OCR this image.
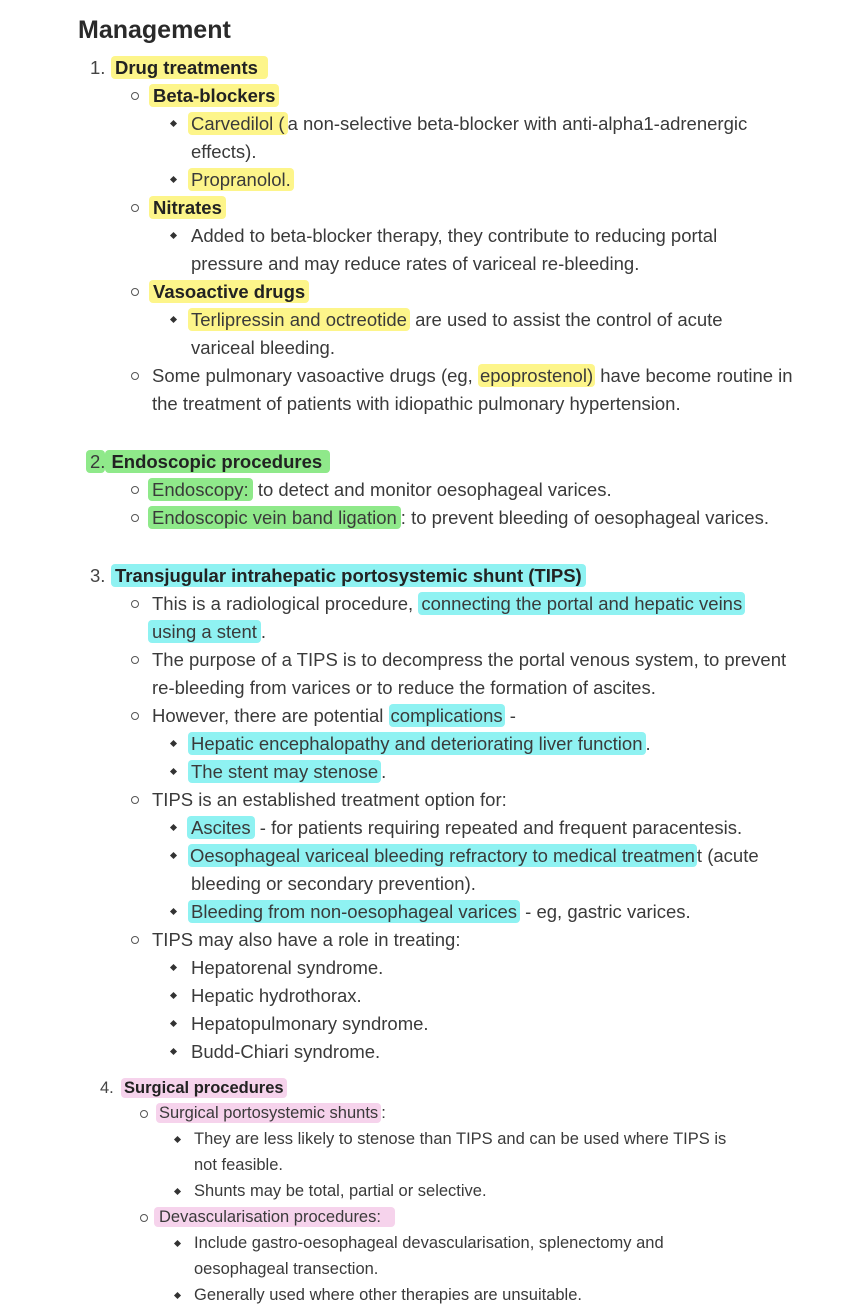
Management
1. Drug treatments
Beta-blockers
Carvedilol ( a non-selective beta-blocker with anti-alpha1-adrenergic
effects).
Propranolol.
Nitrates
Added to beta-blocker therapy, they contribute to reducing portal
pressure and may reduce rates of variceal re-bleeding.
Vasoactive drugs
Terlipressin and octreotide are used to assist the control of acute
variceal bleeding.
Some pulmonary vasoactive drugs (eg, epoprostenol) have become routine in
the treatment of patients with idiopathic pulmonary hypertension.
2. Endoscopic procedures
Endoscopy: to detect and monitor oesophageal varices.
Endoscopic vein band ligation : to prevent bleeding of oesophageal varices.
3. Transjugular intrahepatic portosystemic shunt (TIPS)
This is a radiological procedure, connecting the portal and hepatic veins
using a stent .
The purpose of a TIPS is to decompress the portal venous system, to prevent
re-bleeding from varices or to reduce the formation of ascites.
However, there are potential complications -
Hepatic encephalopathy and deteriorating liver function .
The stent may stenose .
TIPS is an established treatment option for:
Ascites - for patients requiring repeated and frequent paracentesis.
Oesophageal variceal bleeding refractory to medical treatmen t (acute
bleeding or secondary prevention).
Bleeding from non-oesophageal varices - eg, gastric varices.
TIPS may also have a role in treating:
Hepatorenal syndrome.
Hepatic hydrothorax.
Hepatopulmonary syndrome.
Budd-Chiari syndrome.
4. Surgical procedures
Surgical portosystemic shunts :
They are less likely to stenose than TIPS and can be used where TIPS is
not feasible.
Shunts may be total, partial or selective.
Devascularisation procedures:
Include gastro-oesophageal devascularisation, splenectomy and
oesophageal transection.
Generally used where other therapies are unsuitable.
